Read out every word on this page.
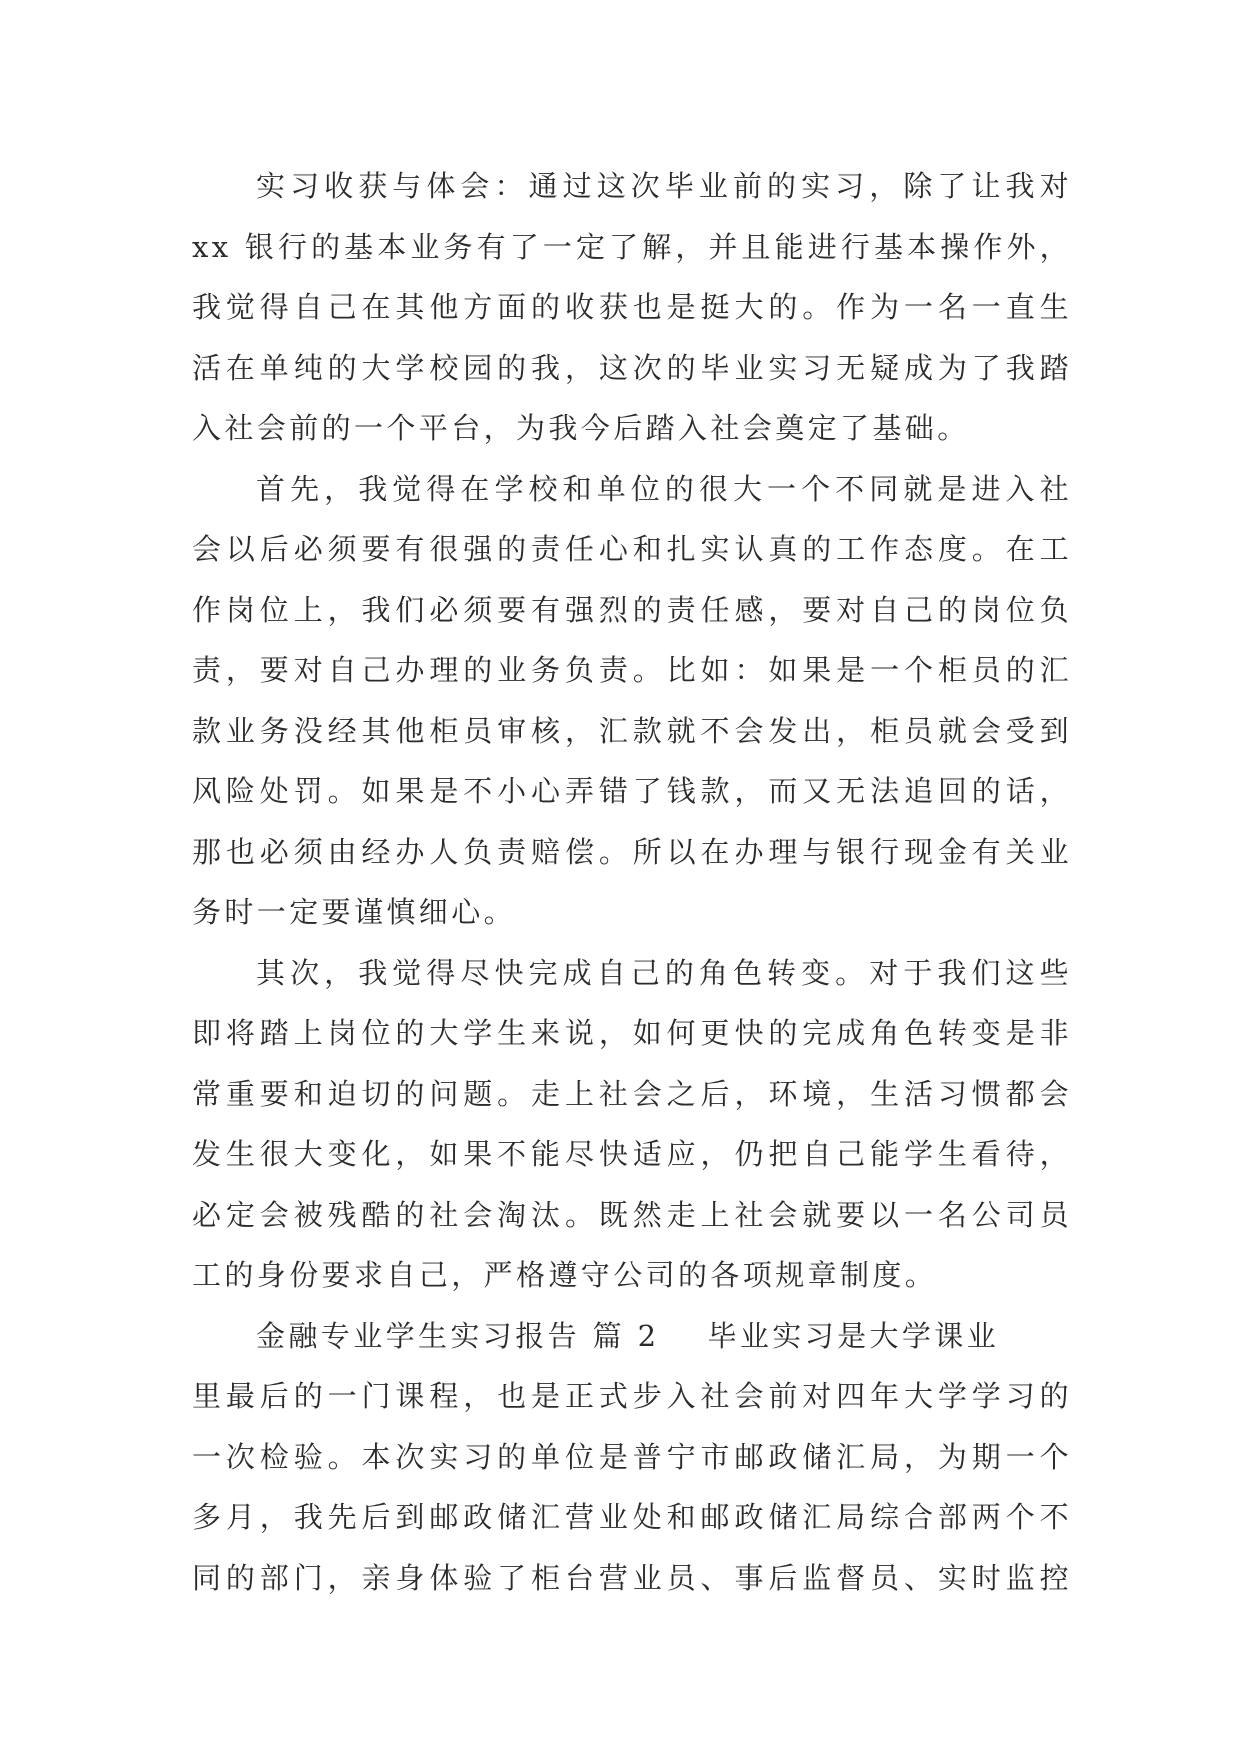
实习收获与体会：通过这次毕业前的实习，除了让我对
xx 银行的基本业务有了一定了解，并且能进行基本操作外，
我觉得自己在其他方面的收获也是挺大的。作为一名一直生
活在单纯的大学校园的我，这次的毕业实习无疑成为了我踏
入社会前的一个平台，为我今后踏入社会奠定了基础。
首先，我觉得在学校和单位的很大一个不同就是进入社
会以后必须要有很强的责任心和扎实认真的工作态度。在工
作岗位上，我们必须要有强烈的责任感，要对自己的岗位负
责，要对自己办理的业务负责。比如：如果是一个柜员的汇
款业务没经其他柜员审核，汇款就不会发出，柜员就会受到
风险处罚。如果是不小心弄错了钱款，而又无法追回的话，
那也必须由经办人负责赔偿。所以在办理与银行现金有关业
务时一定要谨慎细心。
其次，我觉得尽快完成自己的角色转变。对于我们这些
即将踏上岗位的大学生来说，如何更快的完成角色转变是非
常重要和迫切的问题。走上社会之后，环境，生活习惯都会
发生很大变化，如果不能尽快适应，仍把自己能学生看待，
必定会被残酷的社会淘汰。既然走上社会就要以一名公司员
工的身份要求自己，严格遵守公司的各项规章制度。
金融专业学生实习报告 篇 2 毕业实习是大学课业
里最后的一门课程，也是正式步入社会前对四年大学学习的
一次检验。本次实习的单位是普宁市邮政储汇局，为期一个
多月，我先后到邮政储汇营业处和邮政储汇局综合部两个不
同的部门，亲身体验了柜台营业员、事后监督员、实时监控
